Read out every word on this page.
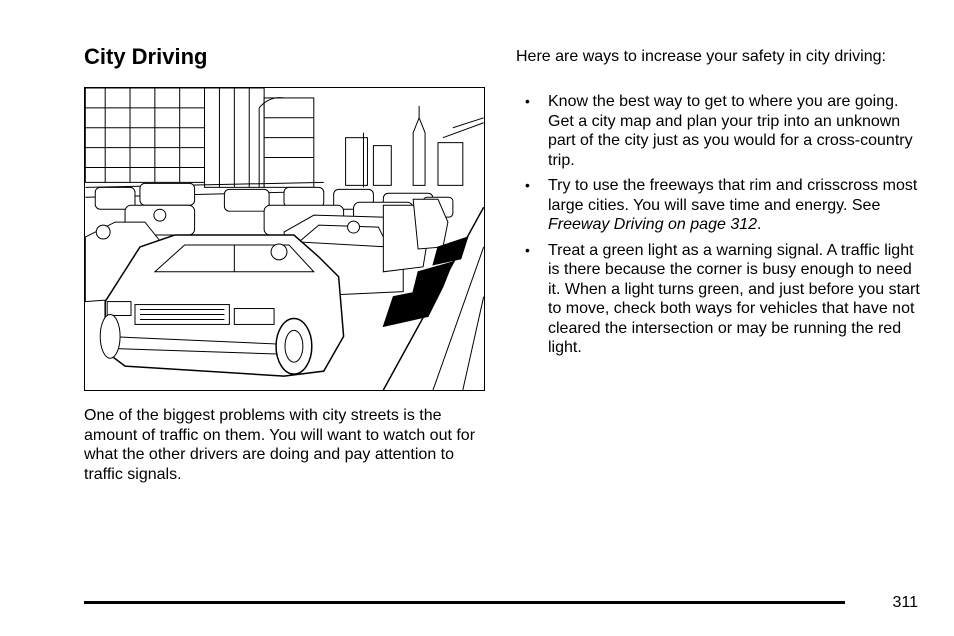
City Driving

One of the biggest problems with city streets is the amount of traffic on them. You will want to watch out for what the other drivers are doing and pay attention to traffic signals.

Here are ways to increase your safety in city driving:

• Know the best way to get to where you are going. Get a city map and plan your trip into an unknown part of the city just as you would for a cross-country trip.
• Try to use the freeways that rim and crisscross most large cities. You will save time and energy. See Freeway Driving on page 312.
• Treat a green light as a warning signal. A traffic light is there because the corner is busy enough to need it. When a light turns green, and just before you start to move, check both ways for vehicles that have not cleared the intersection or may be running the red light.
311
